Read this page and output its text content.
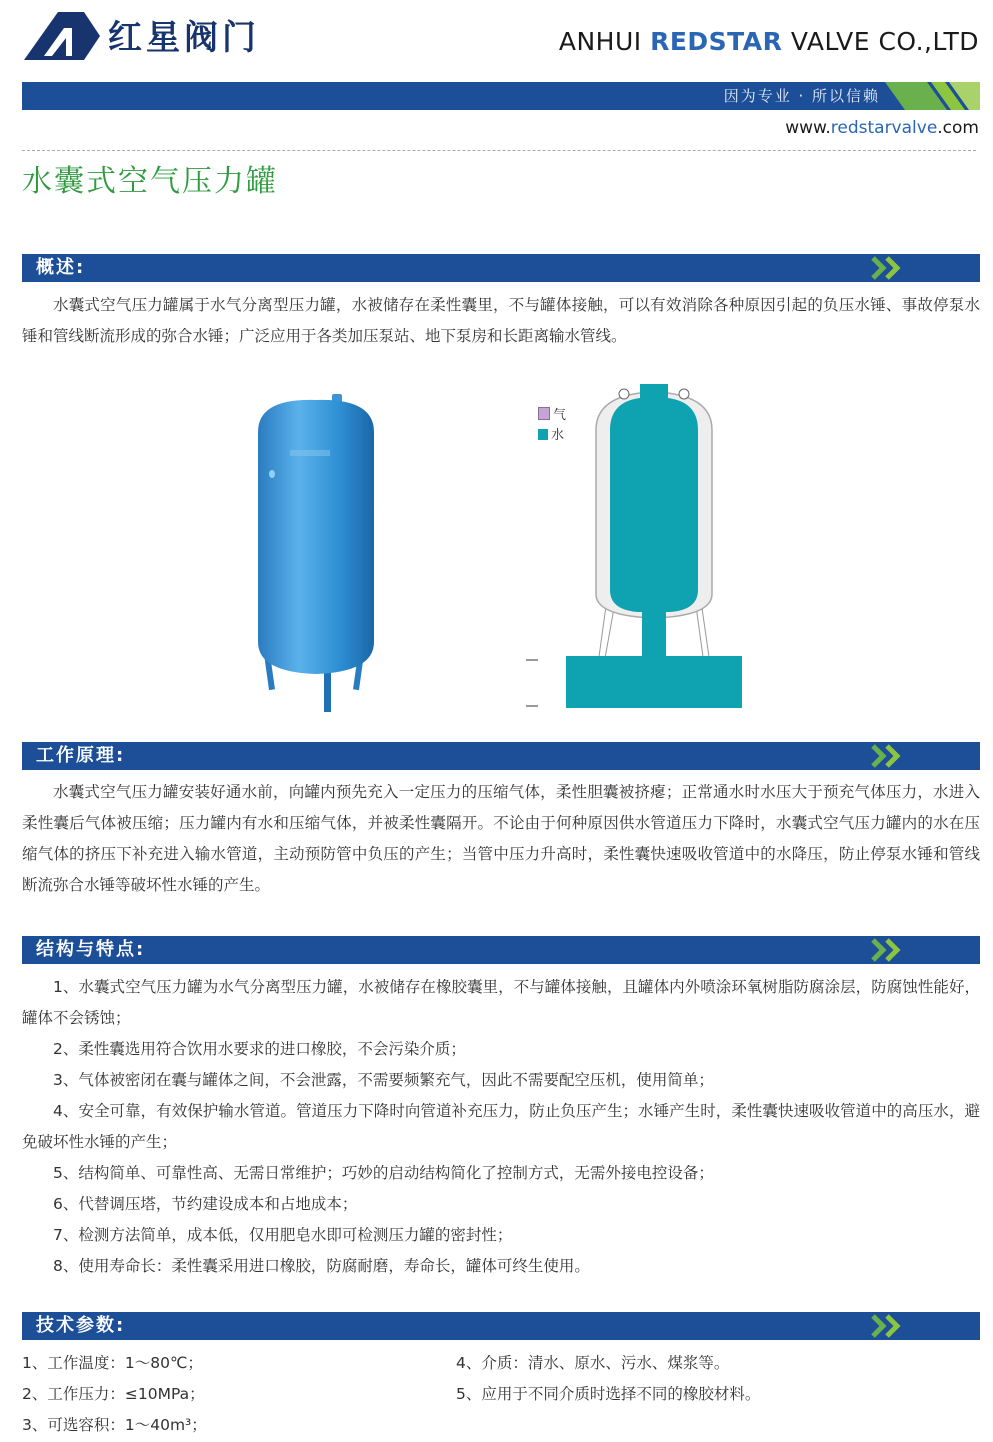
红星阀门	ANHUI REDSTAR VALVE CO.,LTD
因为专业 · 所以信赖
www.redstarvalve.com
水囊式空气压力罐
概述:
水囊式空气压力罐属于水气分离型压力罐，水被储存在柔性囊里，不与罐体接触，可以有效消除各种原因引起的负压水锤、事故停泵水锤和管线断流形成的弥合水锤；广泛应用于各类加压泵站、地下泵房和长距离输水管线。
气
水
工作原理:
水囊式空气压力罐安装好通水前，向罐内预先充入一定压力的压缩气体，柔性胆囊被挤瘪；正常通水时水压大于预充气体压力，水进入柔性囊后气体被压缩；压力罐内有水和压缩气体，并被柔性囊隔开。不论由于何种原因供水管道压力下降时，水囊式空气压力罐内的水在压缩气体的挤压下补充进入输水管道，主动预防管中负压的产生；当管中压力升高时，柔性囊快速吸收管道中的水降压，防止停泵水锤和管线断流弥合水锤等破坏性水锤的产生。
结构与特点:
1、水囊式空气压力罐为水气分离型压力罐，水被储存在橡胶囊里，不与罐体接触，且罐体内外喷涂环氧树脂防腐涂层，防腐蚀性能好，罐体不会锈蚀；
2、柔性囊选用符合饮用水要求的进口橡胶，不会污染介质；
3、气体被密闭在囊与罐体之间，不会泄露，不需要频繁充气，因此不需要配空压机，使用简单；
4、安全可靠，有效保护输水管道。管道压力下降时向管道补充压力，防止负压产生；水锤产生时，柔性囊快速吸收管道中的高压水，避免破坏性水锤的产生；
5、结构简单、可靠性高、无需日常维护；巧妙的启动结构简化了控制方式，无需外接电控设备；
6、代替调压塔，节约建设成本和占地成本；
7、检测方法简单，成本低，仅用肥皂水即可检测压力罐的密封性；
8、使用寿命长：柔性囊采用进口橡胶，防腐耐磨，寿命长，罐体可终生使用。
技术参数:
1、工作温度：1～80℃；
2、工作压力：≤10MPa；
3、可选容积：1～40m³；
4、介质：清水、原水、污水、煤浆等。
5、应用于不同介质时选择不同的橡胶材料。
